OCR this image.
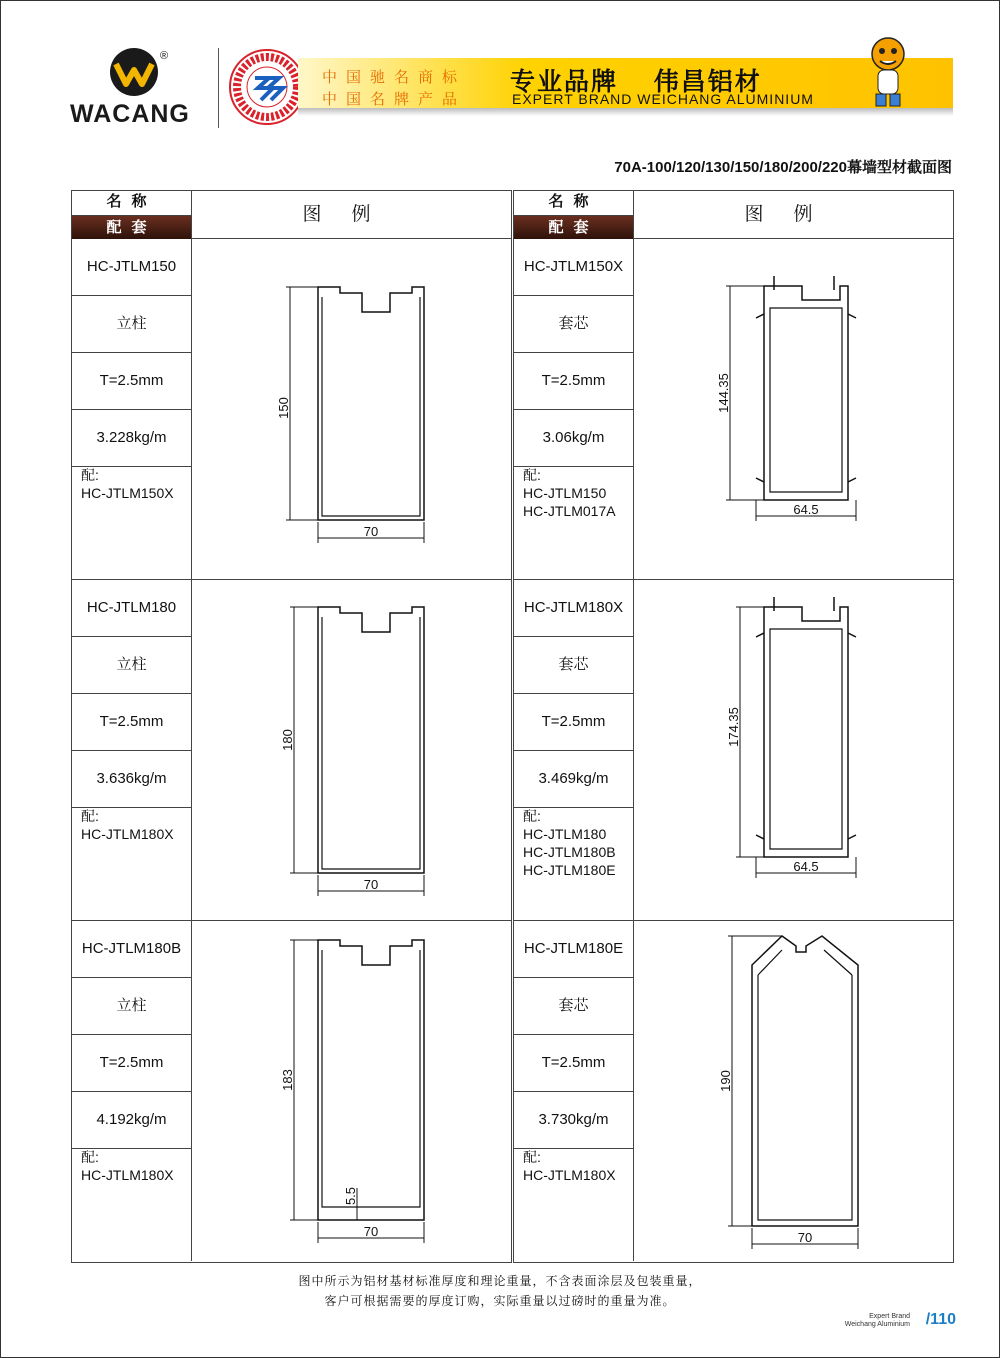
®
WACANG
中国驰名商标
中国名牌产品
专业品牌    伟昌铝材
EXPERT BRAND WEICHANG ALUMINIUM
70A-100/120/130/150/180/200/220幕墙型材截面图
名称
配套
图例
HC-JTLM150
立柱
T=2.5mm
3.228kg/m
配:
HC-JTLM150X
150
70
HC-JTLM180
立柱
T=2.5mm
3.636kg/m
配:
HC-JTLM180X
180
70
HC-JTLM180B
立柱
T=2.5mm
4.192kg/m
配:
HC-JTLM180X
183
5.5
70
名称
配套
图例
HC-JTLM150X
套芯
T=2.5mm
3.06kg/m
配:
HC-JTLM150
HC-JTLM017A
144.35
64.5
HC-JTLM180X
套芯
T=2.5mm
3.469kg/m
配:
HC-JTLM180
HC-JTLM180B
HC-JTLM180E
174.35
64.5
HC-JTLM180E
套芯
T=2.5mm
3.730kg/m
配:
HC-JTLM180X
190
70
图中所示为铝材基材标准厚度和理论重量，不含表面涂层及包装重量，
客户可根据需要的厚度订购，实际重量以过磅时的重量为准。
Expert Brand
Weichang Aluminium /110
